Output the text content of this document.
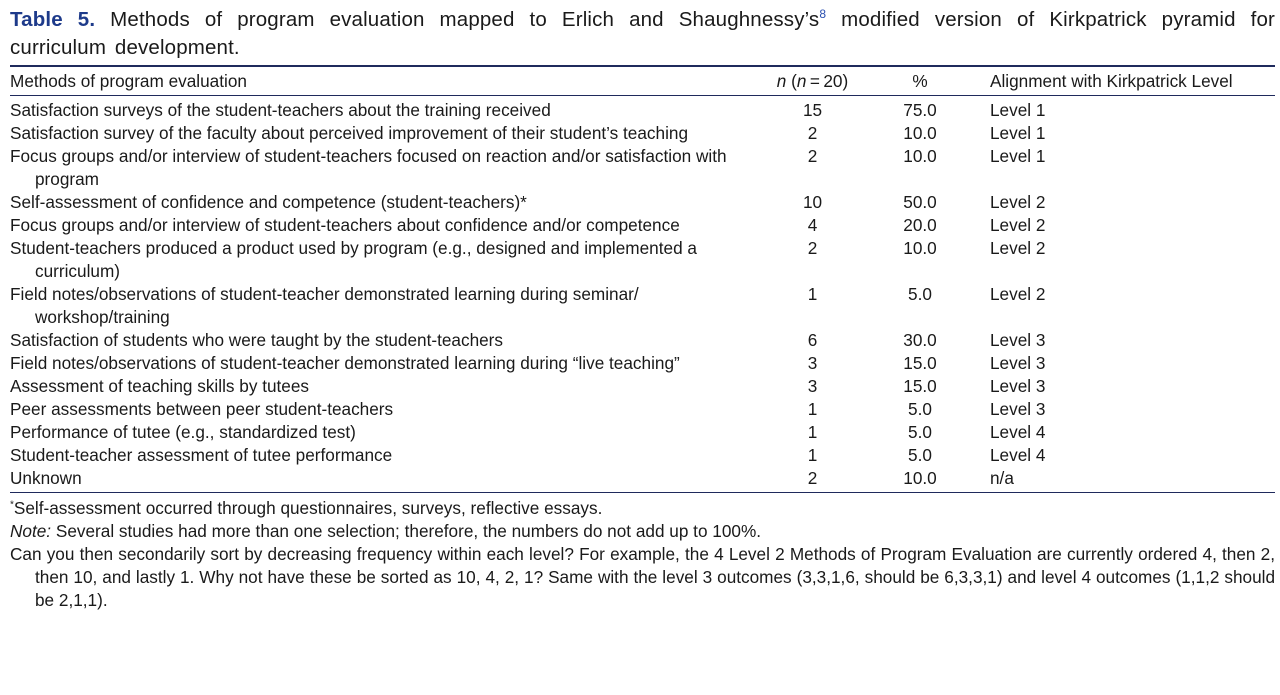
Table 5. Methods of program evaluation mapped to Erlich and $Shaughnessy’s^8$ modified version of Kirkpatrick pyramid for curriculum development.

Methods of program evaluation	n (n = 20)	%	Alignment with Kirkpatrick Level
Satisfaction surveys of the student-teachers about the training received	15	75.0	Level 1
Satisfaction survey of the faculty about perceived improvement of their student’s teaching	2	10.0	Level 1
Focus groups and/or interview of student-teachers focused on reaction and/or satisfaction with program	2	10.0	Level 1
Self-assessment of confidence and competence (student-teachers)*	10	50.0	Level 2
Focus groups and/or interview of student-teachers about confidence and/or competence	4	20.0	Level 2
Student-teachers produced a product used by program (e.g., designed and implemented a curriculum)	2	10.0	Level 2
Field notes/observations of student-teacher demonstrated learning during seminar/ workshop/training	1	5.0	Level 2
Satisfaction of students who were taught by the student-teachers	6	30.0	Level 3
Field notes/observations of student-teacher demonstrated learning during “live teaching”	3	15.0	Level 3
Assessment of teaching skills by tutees	3	15.0	Level 3
Peer assessments between peer student-teachers	1	5.0	Level 3
Performance of tutee (e.g., standardized test)	1	5.0	Level 4
Student-teacher assessment of tutee performance	1	5.0	Level 4
Unknown	2	10.0	n/a

*Self-assessment occurred through questionnaires, surveys, reflective essays.

Note: Several studies had more than one selection; therefore, the numbers do not add up to 100%.

Can you then secondarily sort by decreasing frequency within each level? For example, the 4 Level 2 Methods of Program Evaluation are currently ordered 4, then 2, then 10, and lastly 1. Why not have these be sorted as 10, 4, 2, 1? Same with the level 3 outcomes (3,3,1,6, should be 6,3,3,1) and level 4 outcomes (1,1,2 should be 2,1,1).
